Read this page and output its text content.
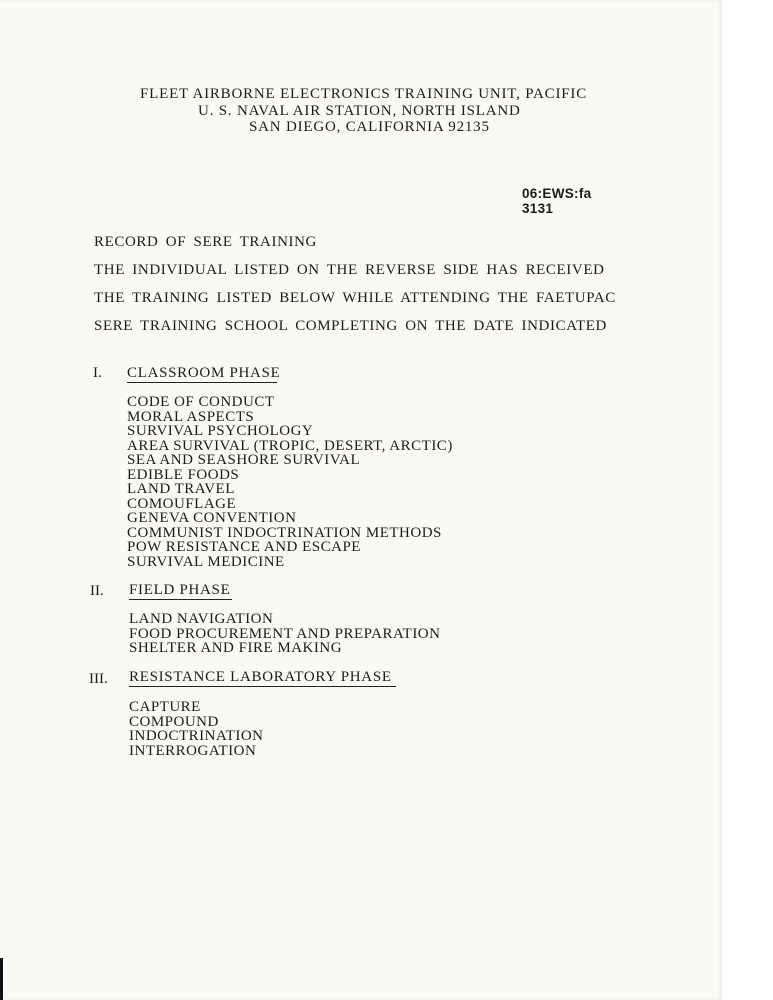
FLEET AIRBORNE ELECTRONICS TRAINING UNIT, PACIFIC
U. S. NAVAL AIR STATION, NORTH ISLAND
SAN DIEGO, CALIFORNIA 92135
06:EWS:fa
3131
RECORD OF SERE TRAINING
THE INDIVIDUAL LISTED ON THE REVERSE SIDE HAS RECEIVED
THE TRAINING LISTED BELOW WHILE ATTENDING THE FAETUPAC
SERE TRAINING SCHOOL COMPLETING ON THE DATE INDICATED
I. CLASSROOM PHASE
CODE OF CONDUCT
MORAL ASPECTS
SURVIVAL PSYCHOLOGY
AREA SURVIVAL (TROPIC, DESERT, ARCTIC)
SEA AND SEASHORE SURVIVAL
EDIBLE FOODS
LAND TRAVEL
COMOUFLAGE
GENEVA CONVENTION
COMMUNIST INDOCTRINATION METHODS
POW RESISTANCE AND ESCAPE
SURVIVAL MEDICINE
II. FIELD PHASE
LAND NAVIGATION
FOOD PROCUREMENT AND PREPARATION
SHELTER AND FIRE MAKING
III. RESISTANCE LABORATORY PHASE
CAPTURE
COMPOUND
INDOCTRINATION
INTERROGATION
